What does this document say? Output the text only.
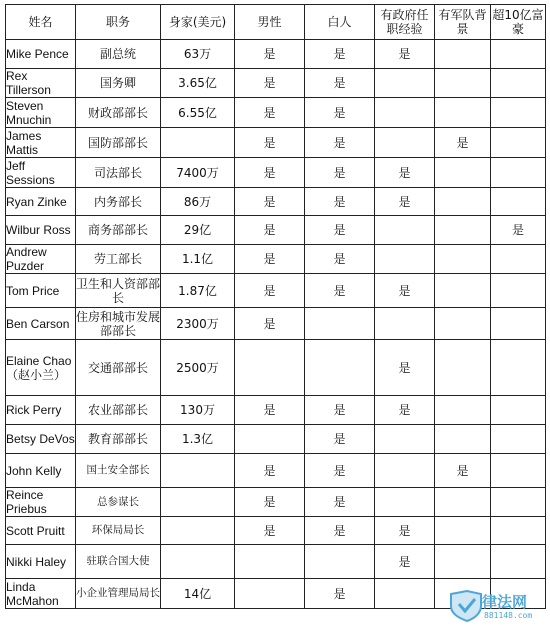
姓名	职务	身家(美元)	男性	白人	有政府任职经验	有军队背景	超10亿富豪
Mike Pence	副总统	63万	是	是	是		
Rex Tillerson	国务卿	3.65亿	是	是			
Steven Mnuchin	财政部部长	6.55亿	是	是			
James Mattis	国防部部长		是	是		是	
Jeff Sessions	司法部长	7400万	是	是	是		
Ryan Zinke	内务部长	86万	是	是	是		
Wilbur Ross	商务部部长	29亿	是	是			是
Andrew Puzder	劳工部长	1.1亿	是	是			
Tom Price	卫生和人资部部长	1.87亿	是	是	是		
Ben Carson	住房和城市发展部部长	2300万	是				
Elaine Chao（赵小兰）	交通部部长	2500万			是		
Rick Perry	农业部部长	130万	是	是	是		
Betsy DeVos	教育部部长	1.3亿		是			
John Kelly	国土安全部长		是	是		是	
Reince Priebus	总参谋长		是	是			
Scott Pruitt	环保局局长		是	是	是		
Nikki Haley	驻联合国大使				是		
Linda McMahon	小企业管理局局长	14亿		是				律法网
881148.com
